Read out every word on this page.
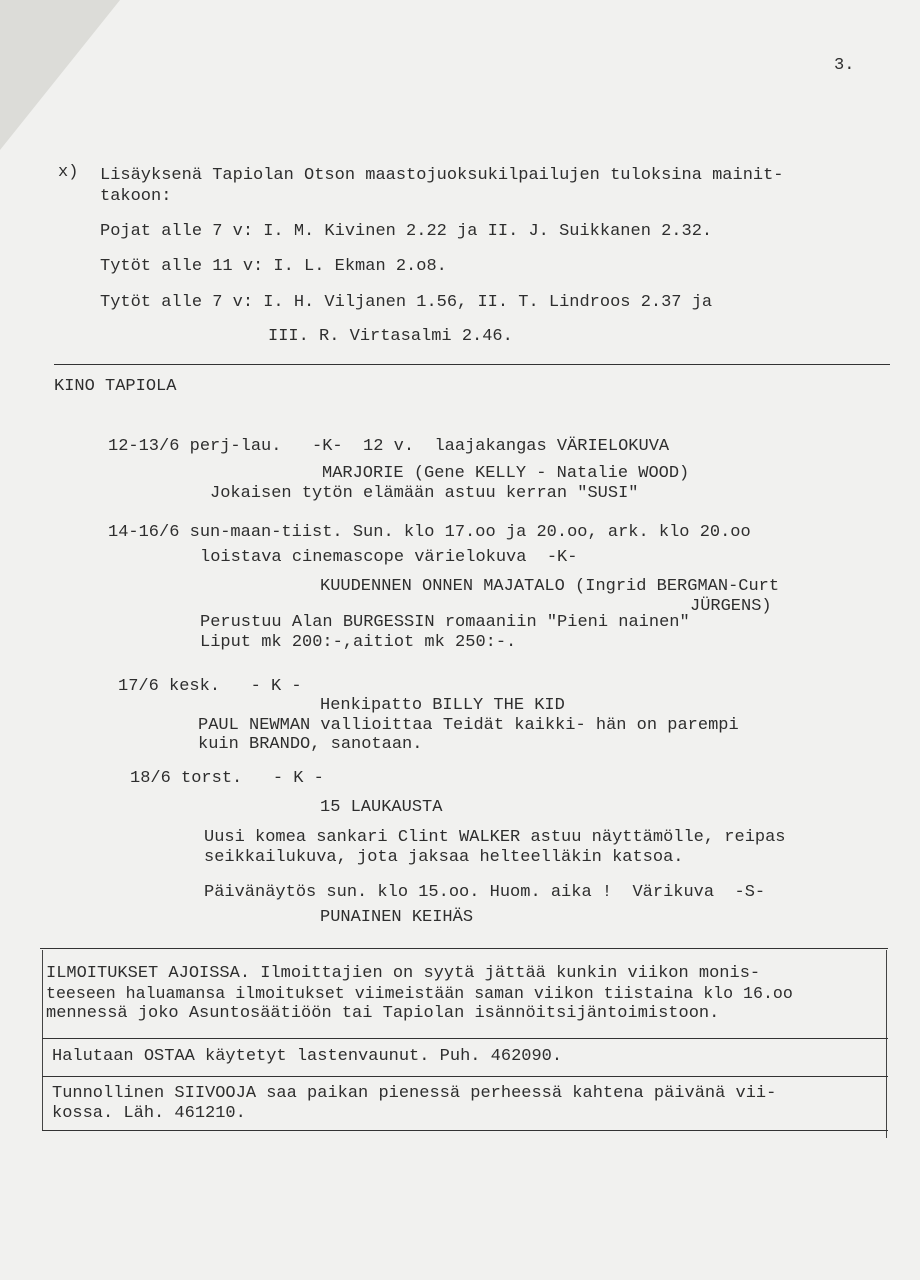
3.
x) Lisäyksenä Tapiolan Otson maastojuoksukilpailujen tuloksina mainit-
takoon:
Pojat alle 7 v: I. M. Kivinen 2.22 ja II. J. Suikkanen 2.32.
Tytöt alle 11 v: I. L. Ekman 2.o8.
Tytöt alle 7 v: I. H. Viljanen 1.56, II. T. Lindroos 2.37 ja
III. R. Virtasalmi 2.46.
KINO TAPIOLA
12-13/6 perj-lau.   -K-  12 v.  laajakangas VÄRIELOKUVA
MARJORIE (Gene KELLY - Natalie WOOD)
Jokaisen tytön elämään astuu kerran "SUSI"
14-16/6 sun-maan-tiist. Sun. klo 17.oo ja 20.oo, ark. klo 20.oo
loistava cinemascope värielokuva  -K-
KUUDENNEN ONNEN MAJATALO (Ingrid BERGMAN-Curt
JÜRGENS)
Perustuu Alan BURGESSIN romaaniin "Pieni nainen"
Liput mk 200:-,aitiot mk 250:-.
17/6 kesk.   - K -
Henkipatto BILLY THE KID
PAUL NEWMAN vallioittaa Teidät kaikki- hän on parempi
kuin BRANDO, sanotaan.
18/6 torst.   - K -
15 LAUKAUSTA
Uusi komea sankari Clint WALKER astuu näyttämölle, reipas
seikkailukuva, jota jaksaa helteelläkin katsoa.
Päivänäytös sun. klo 15.oo. Huom. aika !  Värikuva  -S-
PUNAINEN KEIHÄS
ILMOITUKSET AJOISSA. Ilmoittajien on syytä jättää kunkin viikon monis-
teeseen haluamansa ilmoitukset viimeistään saman viikon tiistaina klo 16.oo
mennessä joko Asuntosäätiöön tai Tapiolan isännöitsijäntoimistoon.
Halutaan OSTAA käytetyt lastenvaunut. Puh. 462090.
Tunnollinen SIIVOOJA saa paikan pienessä perheessä kahtena päivänä vii-
kossa. Läh. 461210.
